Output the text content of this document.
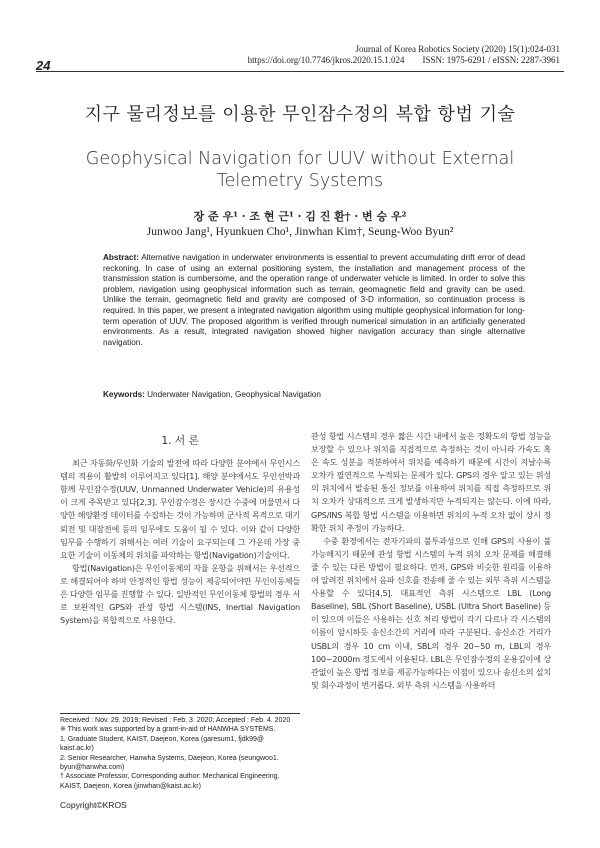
24
Journal of Korea Robotics Society (2020) 15(1):024-031
https://doi.org/10.7746/jkros.2020.15.1.024        ISSN: 1975-6291 / eISSN: 2287-3961
지구 물리정보를 이용한 무인잠수정의 복합 항법 기술
Geophysical Navigation for UUV without External Telemetry Systems
장 준 우¹ · 조 현 근¹ · 김 진 환† · 변 승 우²
Junwoo Jang¹, Hyunkuen Cho¹, Jinwhan Kim†, Seung-Woo Byun²
Abstract: Alternative navigation in underwater environments is essential to prevent accumulating drift error of dead reckoning. In case of using an external positioning system, the installation and management process of the transmission station is cumbersome, and the operation range of underwater vehicle is limited. In order to solve this problem, navigation using geophysical information such as terrain, geomagnetic field and gravity can be used. Unlike the terrain, geomagnetic field and gravity are composed of 3-D information, so continuation process is required. In this paper, we present a integrated navigation algorithm using multiple geophysical information for long-term operation of UUV. The proposed algorithm is verified through numerical simulation in an artificially generated environments. As a result, integrated navigation showed higher navigation accuracy than single alternative navigation.
Keywords: Underwater Navigation, Geophysical Navigation
1. 서 론

최근 자동화/무인화 기술의 발전에 따라 다양한 분야에서 무인시스템의 적용이 활발히 이루어지고 있다[1]. 해양 분야에서도 무인선박과 함께 무인잠수정(UUV, Unmanned Underwater Vehicle)의 유용성이 크게 주목받고 있다[2,3]. 무인잠수정은 장시간 수중에 머물면서 다양한 해양환경 데이터를 수집하는 것이 가능하며 군사적 목적으로 대기뢰전 및 대잠전에 등의 임무에도 도움이 될 수 있다. 이와 같이 다양한 임무를 수행하기 위해서는 여러 기술이 요구되는데 그 가운데 가장 중요한 기술이 이동체의 위치를 파악하는 항법(Navigation)기술이다.

항법(Navigation)은 무인이동체의 자율 운항을 위해서는 우선적으로 해결되어야 하며 안정적인 항법 성능이 제공되어야만 무인이동체들은 다양한 임무를 진행할 수 있다. 일반적인 무인이동체 항법의 경우 서로 보완적인 GPS와 관성 항법 시스템(INS, Inertial Navigation System)을 복합적으로 사용한다.

관성 항법 시스템의 경우 짧은 시간 내에서 높은 정확도의 항법 성능을 보장할 수 있으나 위치를 직접적으로 측정하는 것이 아니라 가속도 혹은 속도 성분을 적분하여서 위치를 예측하기 때문에 시간이 지날수록 오차가 필연적으로 누적되는 문제가 있다. GPS의 경우 알고 있는 위성의 위치에서 발송된 통신 정보를 이용하여 위치를 직접 측정하므로 위치 오차가 상대적으로 크게 발생하지만 누적되지는 않는다. 이에 따라, GPS/INS 복합 항법 시스템을 이용하면 위치의 누적 오차 없이 상시 정확한 위치 추정이 가능하다.

수중 환경에서는 전자기파의 불투과성으로 인해 GPS의 사용이 불가능해지기 때문에 관성 항법 시스템의 누적 위치 오차 문제를 해결해줄 수 있는 다른 방법이 필요하다. 먼저, GPS와 비슷한 원리를 이용하여 알려진 위치에서 음파 신호를 전송해 줄 수 있는 외부 측위 시스템을 사용할 수 있다[4,5]. 대표적인 측위 시스템으로 LBL (Long Baseline), SBL (Short Baseline), USBL (Ultra Short Baseline) 등이 있으며 이들은 사용하는 신호 처리 방법이 각기 다르나 각 시스템의 이름이 암시하듯 송신소간의 거리에 따라 구분된다. 송신소간 거리가 USBL의 경우 10 cm 이내, SBL의 경우 20~50 m, LBL의 경우 100~2000m 정도에서 이용된다. LBL은 무인잠수정의 운용깊이에 상관없이 높은 항법 정보를 제공가능하다는 이점이 있으나 송신소의 설치 및 회수과정이 번거롭다. 외부 측위 시스템을 사용하더

Received : Nov. 29. 2019; Revised : Feb. 3. 2020; Accepted : Feb. 4. 2020
※ This work was supported by a grant-in-aid of HANWHA SYSTEMS.
1. Graduate Student, KAIST, Daejeon, Korea (garesum1, fjdk99@
kaist.ac.kr)
2. Senior Researcher, Hanwha Systems, Daejeon, Korea (seungwoo1.
byun@hanwha.com)
† Associate Professor, Corresponding author: Mechanical Engineering,
KAIST, Daejeon, Korea (jinwhan@kaist.ac.kr)
Copyright©KROS
